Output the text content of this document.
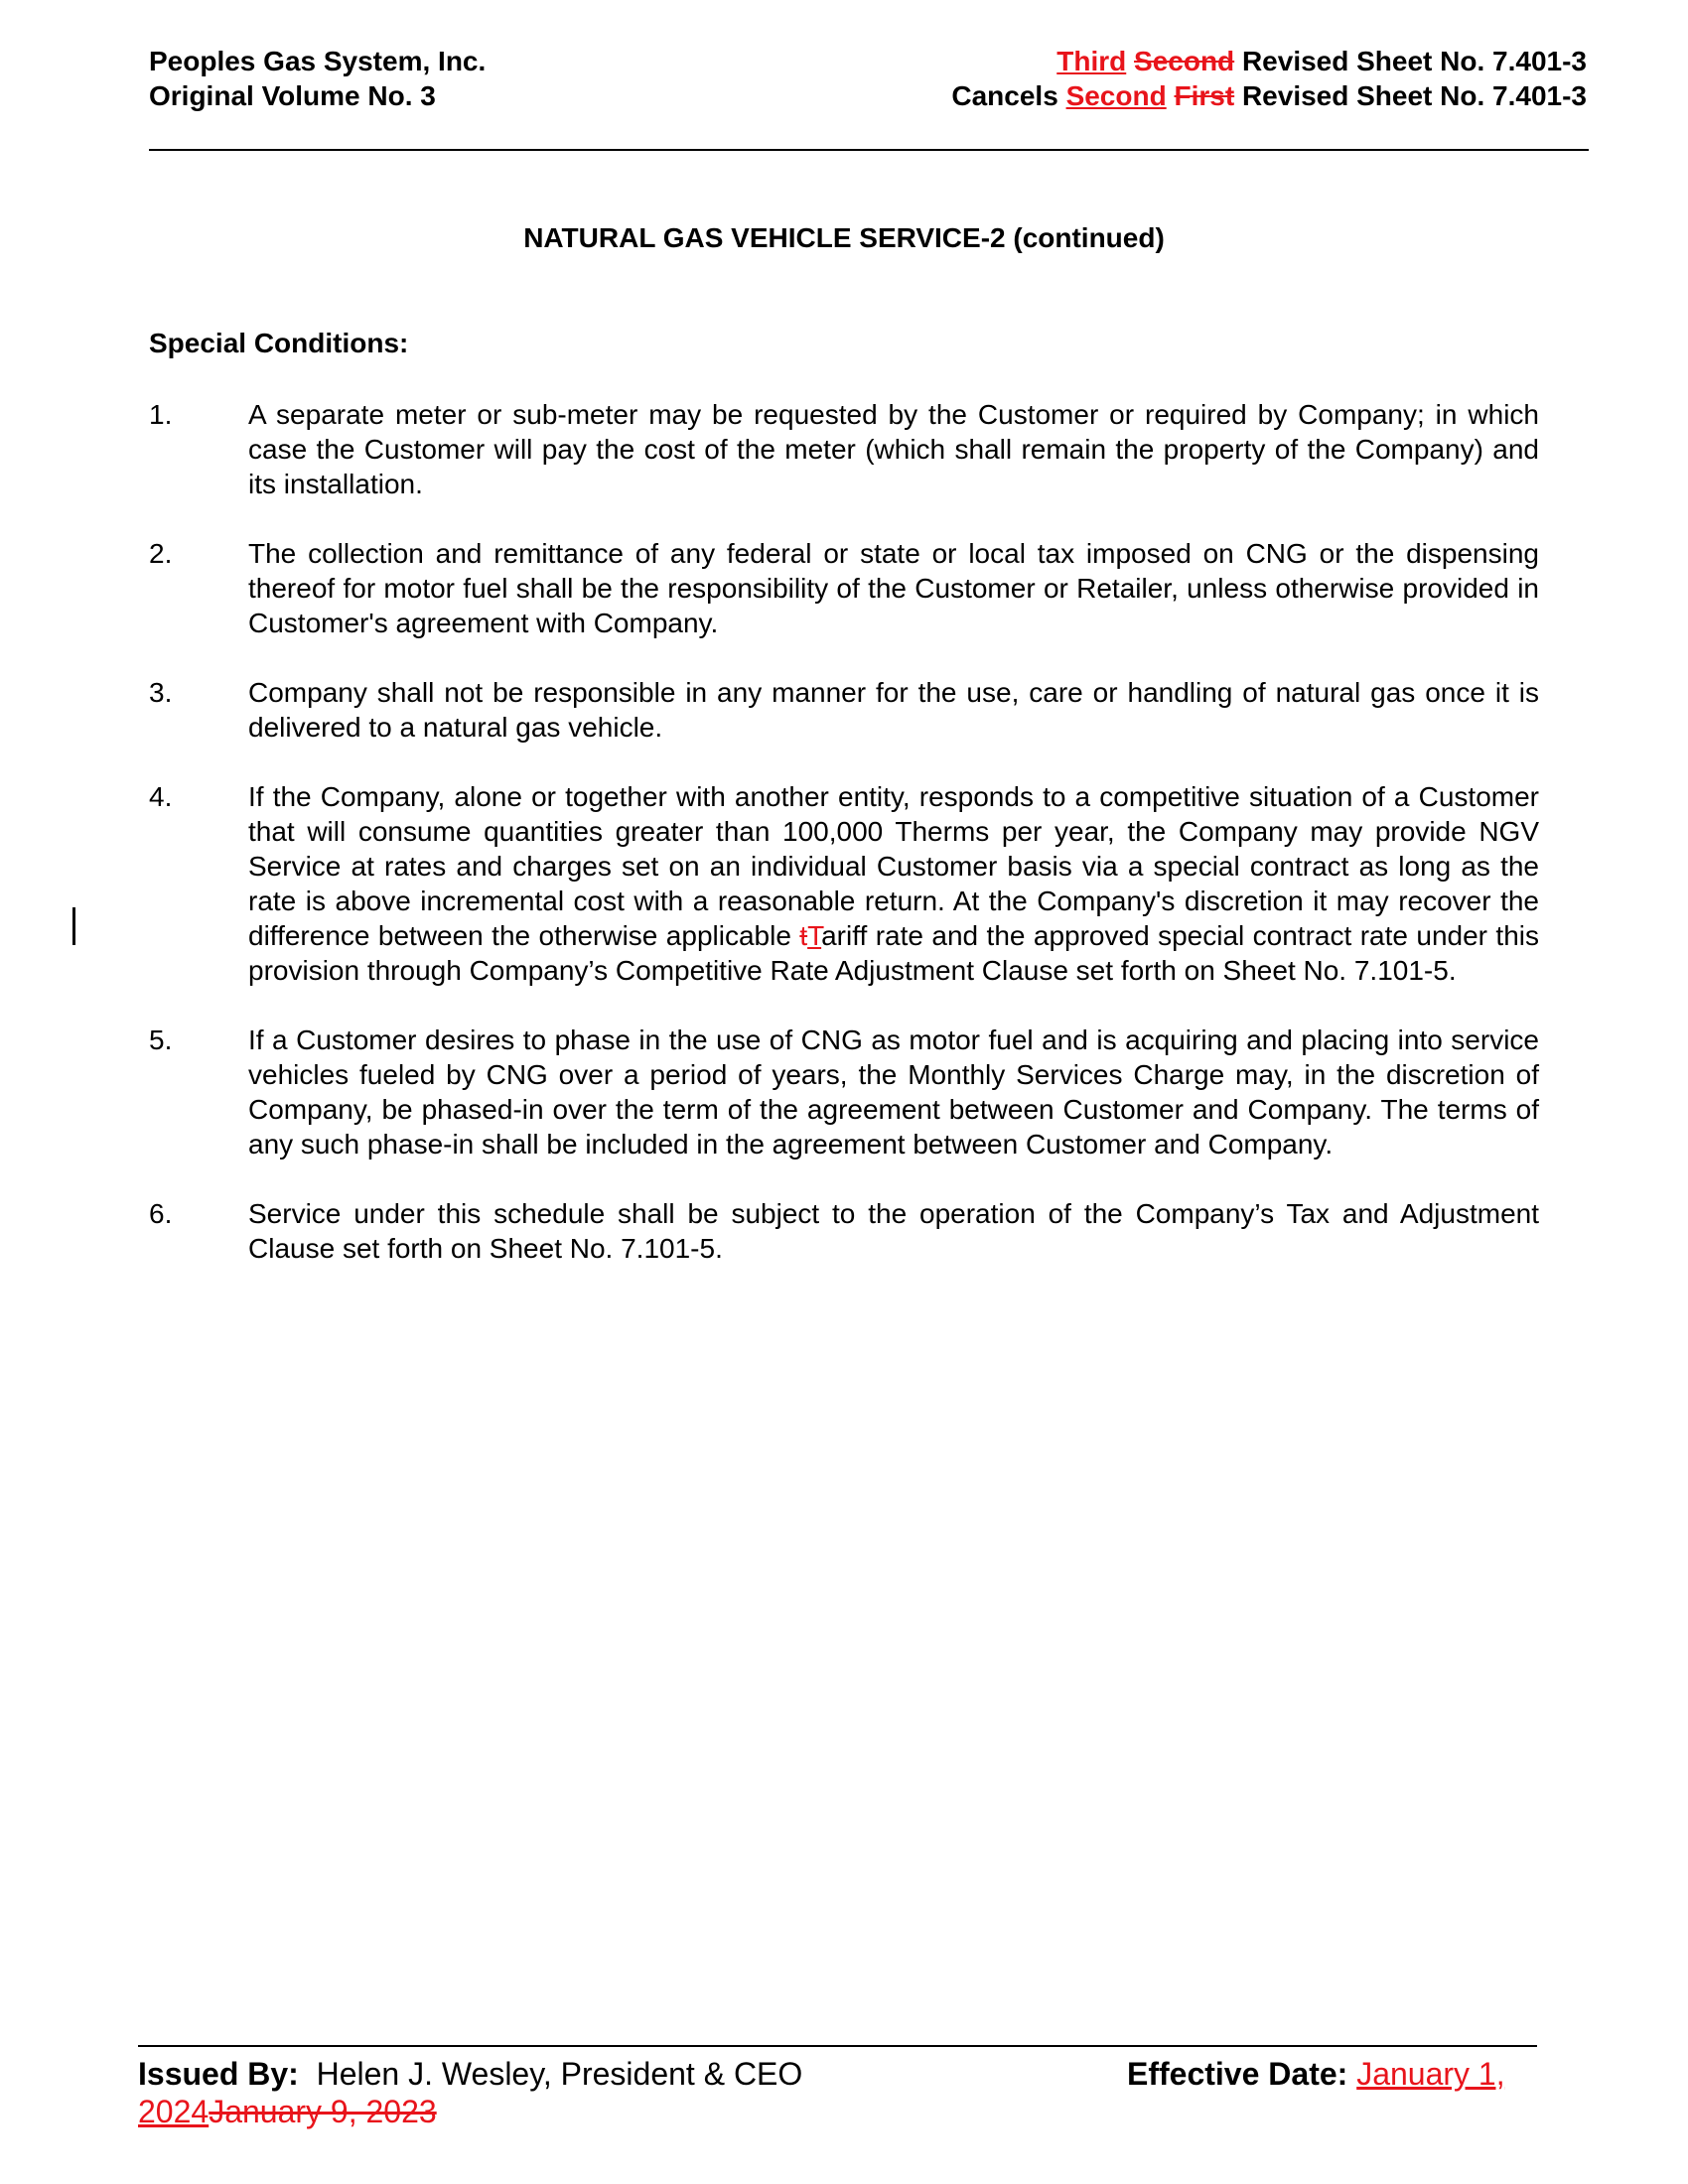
Peoples Gas System, Inc.
Original Volume No. 3
Third Second Revised Sheet No. 7.401-3
Cancels Second First Revised Sheet No. 7.401-3
NATURAL GAS VEHICLE SERVICE-2 (continued)
Special Conditions:
1.	A separate meter or sub-meter may be requested by the Customer or required by Company; in which case the Customer will pay the cost of the meter (which shall remain the property of the Company) and its installation.
2.	The collection and remittance of any federal or state or local tax imposed on CNG or the dispensing thereof for motor fuel shall be the responsibility of the Customer or Retailer, unless otherwise provided in Customer's agreement with Company.
3.	Company shall not be responsible in any manner for the use, care or handling of natural gas once it is delivered to a natural gas vehicle.
4.	If the Company, alone or together with another entity, responds to a competitive situation of a Customer that will consume quantities greater than 100,000 Therms per year, the Company may provide NGV Service at rates and charges set on an individual Customer basis via a special contract as long as the rate is above incremental cost with a reasonable return. At the Company's discretion it may recover the difference between the otherwise applicable tTariff rate and the approved special contract rate under this provision through Company’s Competitive Rate Adjustment Clause set forth on Sheet No. 7.101-5.
5.	If a Customer desires to phase in the use of CNG as motor fuel and is acquiring and placing into service vehicles fueled by CNG over a period of years, the Monthly Services Charge may, in the discretion of Company, be phased-in over the term of the agreement between Customer and Company. The terms of any such phase-in shall be included in the agreement between Customer and Company.
6.	Service under this schedule shall be subject to the operation of the Company’s Tax and Adjustment Clause set forth on Sheet No. 7.101-5.
Issued By:  Helen J. Wesley, President & CEO	Effective Date: January 1,
2024January 9, 2023
